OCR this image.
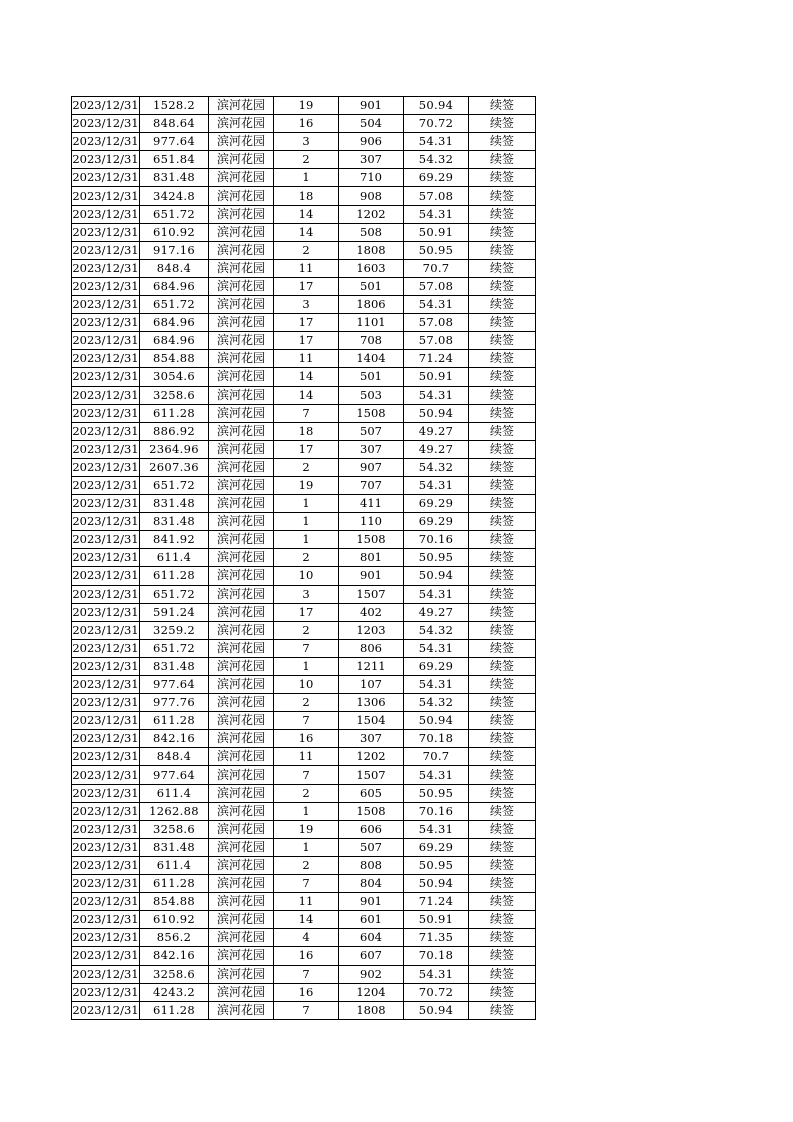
2023/12/31	1528.2	滨河花园	19	901	50.94	续签
2023/12/31	848.64	滨河花园	16	504	70.72	续签
2023/12/31	977.64	滨河花园	3	906	54.31	续签
2023/12/31	651.84	滨河花园	2	307	54.32	续签
2023/12/31	831.48	滨河花园	1	710	69.29	续签
2023/12/31	3424.8	滨河花园	18	908	57.08	续签
2023/12/31	651.72	滨河花园	14	1202	54.31	续签
2023/12/31	610.92	滨河花园	14	508	50.91	续签
2023/12/31	917.16	滨河花园	2	1808	50.95	续签
2023/12/31	848.4	滨河花园	11	1603	70.7	续签
2023/12/31	684.96	滨河花园	17	501	57.08	续签
2023/12/31	651.72	滨河花园	3	1806	54.31	续签
2023/12/31	684.96	滨河花园	17	1101	57.08	续签
2023/12/31	684.96	滨河花园	17	708	57.08	续签
2023/12/31	854.88	滨河花园	11	1404	71.24	续签
2023/12/31	3054.6	滨河花园	14	501	50.91	续签
2023/12/31	3258.6	滨河花园	14	503	54.31	续签
2023/12/31	611.28	滨河花园	7	1508	50.94	续签
2023/12/31	886.92	滨河花园	18	507	49.27	续签
2023/12/31	2364.96	滨河花园	17	307	49.27	续签
2023/12/31	2607.36	滨河花园	2	907	54.32	续签
2023/12/31	651.72	滨河花园	19	707	54.31	续签
2023/12/31	831.48	滨河花园	1	411	69.29	续签
2023/12/31	831.48	滨河花园	1	110	69.29	续签
2023/12/31	841.92	滨河花园	1	1508	70.16	续签
2023/12/31	611.4	滨河花园	2	801	50.95	续签
2023/12/31	611.28	滨河花园	10	901	50.94	续签
2023/12/31	651.72	滨河花园	3	1507	54.31	续签
2023/12/31	591.24	滨河花园	17	402	49.27	续签
2023/12/31	3259.2	滨河花园	2	1203	54.32	续签
2023/12/31	651.72	滨河花园	7	806	54.31	续签
2023/12/31	831.48	滨河花园	1	1211	69.29	续签
2023/12/31	977.64	滨河花园	10	107	54.31	续签
2023/12/31	977.76	滨河花园	2	1306	54.32	续签
2023/12/31	611.28	滨河花园	7	1504	50.94	续签
2023/12/31	842.16	滨河花园	16	307	70.18	续签
2023/12/31	848.4	滨河花园	11	1202	70.7	续签
2023/12/31	977.64	滨河花园	7	1507	54.31	续签
2023/12/31	611.4	滨河花园	2	605	50.95	续签
2023/12/31	1262.88	滨河花园	1	1508	70.16	续签
2023/12/31	3258.6	滨河花园	19	606	54.31	续签
2023/12/31	831.48	滨河花园	1	507	69.29	续签
2023/12/31	611.4	滨河花园	2	808	50.95	续签
2023/12/31	611.28	滨河花园	7	804	50.94	续签
2023/12/31	854.88	滨河花园	11	901	71.24	续签
2023/12/31	610.92	滨河花园	14	601	50.91	续签
2023/12/31	856.2	滨河花园	4	604	71.35	续签
2023/12/31	842.16	滨河花园	16	607	70.18	续签
2023/12/31	3258.6	滨河花园	7	902	54.31	续签
2023/12/31	4243.2	滨河花园	16	1204	70.72	续签
2023/12/31	611.28	滨河花园	7	1808	50.94	续签
